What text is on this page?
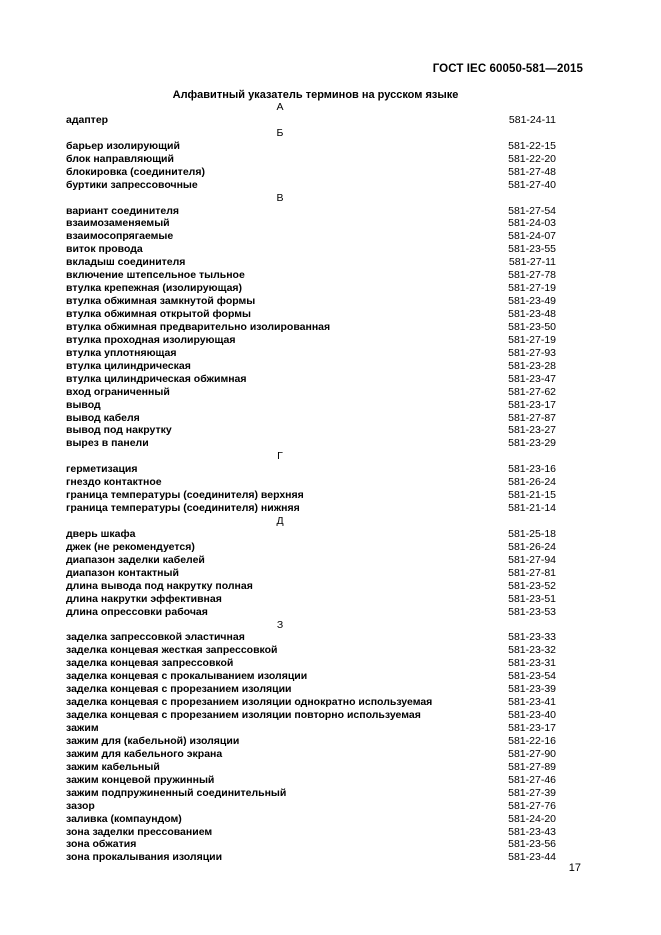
ГОСТ IEC 60050-581—2015
Алфавитный указатель терминов на русском языке
А
адаптер	581-24-11
Б
барьер изолирующий	581-22-15
блок направляющий	581-22-20
блокировка (соединителя)	581-27-48
буртики запрессовочные	581-27-40
В
вариант соединителя	581-27-54
взаимозаменяемый	581-24-03
взаимосопрягаемые	581-24-07
виток провода	581-23-55
вкладыш соединителя	581-27-11
включение штепсельное тыльное	581-27-78
втулка крепежная (изолирующая)	581-27-19
втулка обжимная замкнутой формы	581-23-49
втулка обжимная открытой формы	581-23-48
втулка обжимная предварительно изолированная	581-23-50
втулка проходная изолирующая	581-27-19
втулка уплотняющая	581-27-93
втулка цилиндрическая	581-23-28
втулка цилиндрическая обжимная	581-23-47
вход ограниченный	581-27-62
вывод	581-23-17
вывод кабеля	581-27-87
вывод под накрутку	581-23-27
вырез в панели	581-23-29
Г
герметизация	581-23-16
гнездо контактное	581-26-24
граница температуры (соединителя) верхняя	581-21-15
граница температуры (соединителя) нижняя	581-21-14
Д
дверь шкафа	581-25-18
джек (не рекомендуется)	581-26-24
диапазон заделки кабелей	581-27-94
диапазон контактный	581-27-81
длина вывода под накрутку полная	581-23-52
длина накрутки эффективная	581-23-51
длина опрессовки рабочая	581-23-53
З
заделка запрессовкой эластичная	581-23-33
заделка концевая жесткая запрессовкой	581-23-32
заделка концевая запрессовкой	581-23-31
заделка концевая с прокалыванием изоляции	581-23-54
заделка концевая с прорезанием изоляции	581-23-39
заделка концевая с прорезанием изоляции однократно используемая	581-23-41
заделка концевая с прорезанием изоляции повторно используемая	581-23-40
зажим	581-23-17
зажим для (кабельной) изоляции	581-22-16
зажим для кабельного экрана	581-27-90
зажим кабельный	581-27-89
зажим концевой пружинный	581-27-46
зажим подпружиненный соединительный	581-27-39
зазор	581-27-76
заливка (компаундом)	581-24-20
зона заделки прессованием	581-23-43
зона обжатия	581-23-56
зона прокалывания изоляции	581-23-44
17
